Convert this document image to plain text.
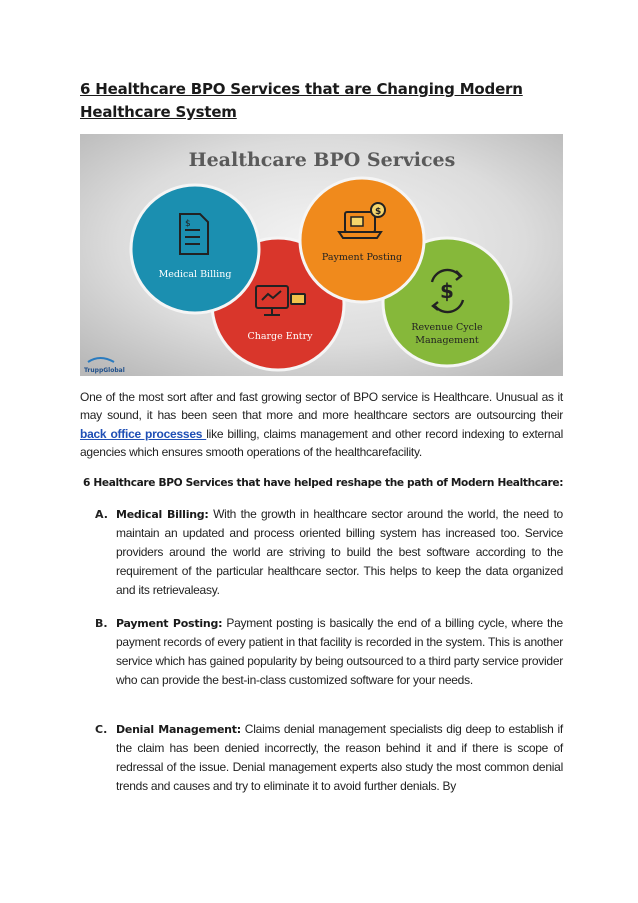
6 Healthcare BPO Services that are Changing Modern Healthcare System
Healthcare BPO Services
Charge Entry
$
Medical Billing
$
Revenue Cycle
Management
$
Payment Posting
TruppGlobal

One of the most sort after and fast growing sector of BPO service is Healthcare. Unusual as it may sound, it has been seen that more and more healthcare sectors are outsourcing their back office processes like billing, claims management and other record indexing to external agencies which ensures smooth operations of the healthcarefacility.

6 Healthcare BPO Services that have helped reshape the path of Modern Healthcare:

A. Medical Billing: With the growth in healthcare sector around the world, the need to maintain an updated and process oriented billing system has increased too. Service providers around the world are striving to build the best software according to the requirement of the particular healthcare sector. This helps to keep the data organized and its retrievaleasy.

B. Payment Posting: Payment posting is basically the end of a billing cycle, where the payment records of every patient in that facility is recorded in the system. This is another service which has gained popularity by being outsourced to a third party service provider who can provide the best-in-class customized software for your needs.

C. Denial Management: Claims denial management specialists dig deep to establish if the claim has been denied incorrectly, the reason behind it and if there is scope of redressal of the issue. Denial management experts also study the most common denial trends and causes and try to eliminate it to avoid further denials. By
